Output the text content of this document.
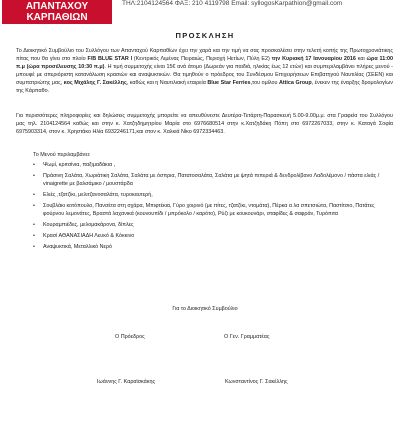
ΑΠΑΝΤΑΧΟΥ
ΚΑΡΠΑΘΙΩΝ
ΤΗΛ:2104124564 ΦΑΞ: 210 4119798 Email: syllogosKarpathion@gmail.com
ΠΡΟΣΚΛΗΣΗ
Το Διοικητικό Συμβούλιο του Συλλόγου των Απανταχού Καρπαθίων έχει την χαρά και την τιμή να σας προσκαλέσει στην τελετή κοπής της Πρωτοχρονιάτικης πίτας που θα γίνει στο πλοίο F/B BLUE STAR I (Κεντρικός Λιμένας Πειραιώς, Περιοχή Ηετίων, Πύλη Ε2) την Κυριακή 17 Ιανουαρίου 2016 και ώρα 11:00 π.μ (ώρα προσέλευσης 10:30 π.μ). Η τιμή συμμετοχής είναι 15€ ανά άτομο (Δωρεάν για παιδιά, ηλικίας έως 12 ετών) και συμπεριλαμβάνει πλήρες μενού - μπουφέ με απεριόριστη κατανάλωση κρασιών και αναψυκτικών. Θα τιμηθούν ο πρόεδρος του Συνδέσμου Επιχειρήσεων Επιβατηγού Ναυτιλίας (ΣΕΕΝ) και συμπατριώτης μας, κος Μιχάλης Γ. Σακέλλης, καθώς και η Ναυτιλιακή εταιρεία Blue Star Ferries,του ομίλου Attica Group, ένεκεν της έναρξης δρομολογίων της Κάρπαθο.
Για περισσότερες πληροφορίες και δηλώσεις συμμετοχής μπορείτε να απευθύνεστε Δευτέρα-Τετάρτη-Παρασκευή 5.00-9.00μ.μ. στα Γραφεία του Συλλόγου μας τηλ. 2104124564 καθώς και στην κ. Χατζηδημητρίου Μαρία στο 6976680514 στην κ.Χατζηδάκη Πόπη στο 6972267033, στην κ. Καταγά Σοφία 6975903314, στον κ. Χρηστάκο Ηλία 6932246171,και στον κ. Χαλκιά Νίκο 6972334463.
Το Μενού περιλαμβάνει:
• Ψωμί, κριτσίνια, παξιμαδάκια ,
• Πράσινη Σαλάτα, Χωριάτικη Σαλάτα, Σαλάτα με όσπρια, Πατατοσαλάτα, Σαλάτα με ψητά πιπεριά & δενδρολίβανο Λαδολέμονο / πάστα ελιάς / vinaigrette με βαλσάμικο / μουστάρδα
• Ελιές ,τζατζίκι, μελιτζανοσαλάτα, τυροκαυτερή,
• Σουβλάκι κοτόπουλο, Πανσέτα στη σχάρα, Μπιφτέκια, Γύρο χοιρινό (με πίτες, τζατζίκι, ντομάτα), Πέρκα α λα σπετσιώτα, Παστίτσιο, Πατάτες φούρνου λεμονάτες, Βραστά λαχανικά (κουνουπίδι / μπρόκολο / καρότο), Ρύζι με κουκουνάρι, σταφίδες & σαφράν, Τυρόπιτα
• Κουραμπιέδες, μελομακάρονα, δίπλες
• Κρασί ΑΘΑΝΑΣΙΑΔΗ Λευκό & Κόκκινο
• Αναψυκτικά, Μεταλλικό Νερό
Για το Διοικητικό Συμβούλιο
Ο Πρόεδρος	Ο Γεν. Γραμματέας
Ιωάννης Γ. Καραϊσκάκης	Κωνσταντίνος Γ. Σακέλλης
